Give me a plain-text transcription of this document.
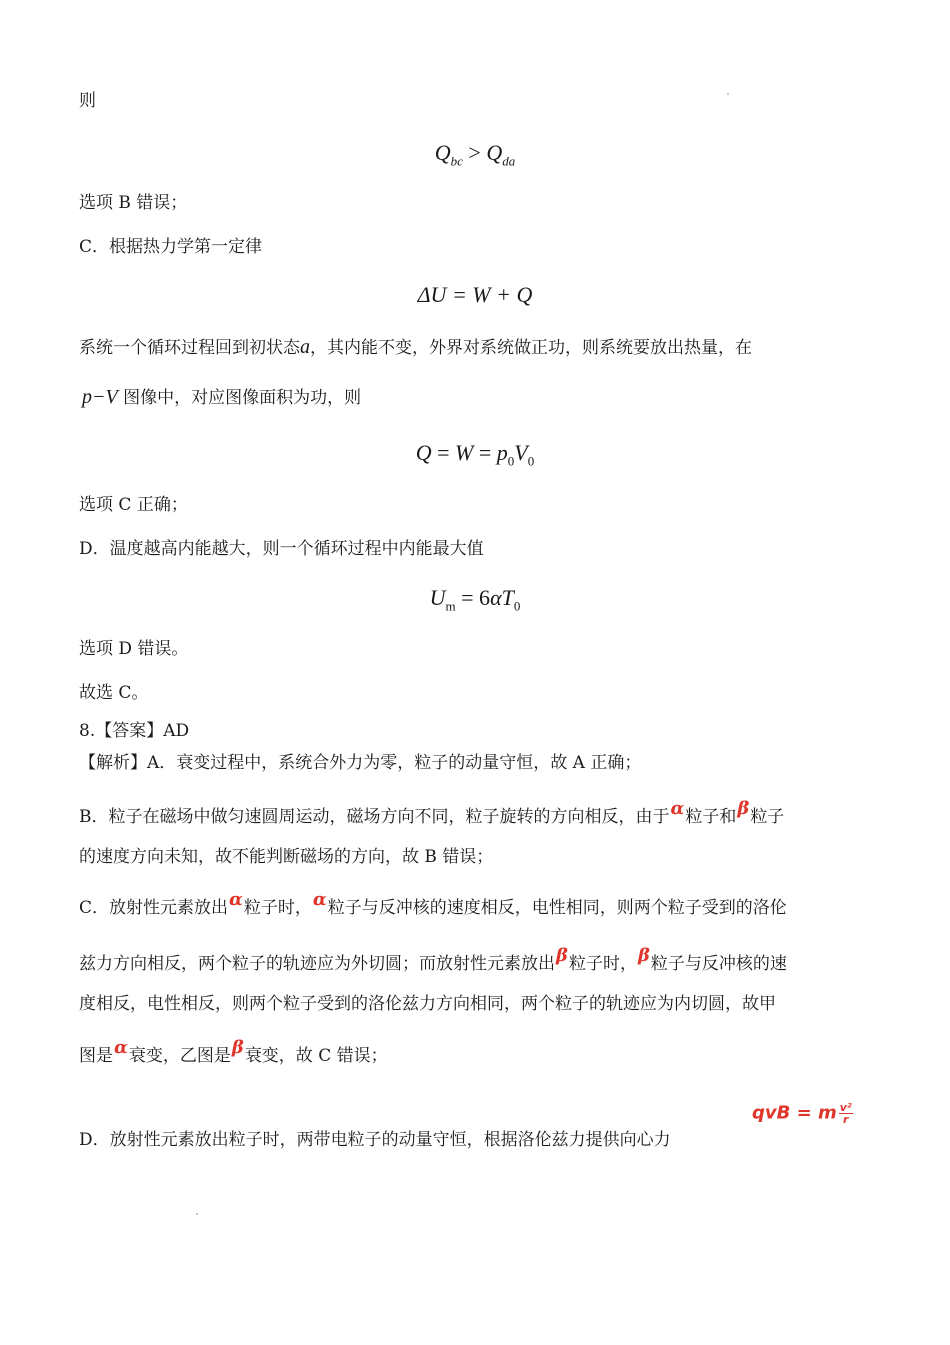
则
$Q_{bc} > Q_{da}$
选项 B 错误；
C．根据热力学第一定律
ΔU = W + Q
系统一个循环过程回到初状态a，其内能不变，外界对系统做正功，则系统要放出热量，在
p−V 图像中，对应图像面积为功，则
$Q = W = p_0V_0$
选项 C 正确；
D．温度越高内能越大，则一个循环过程中内能最大值
$U_m = 6\alpha T_0$
选项 D 错误。
故选 C。
8.【答案】AD
【解析】A．衰变过程中，系统合外力为零，粒子的动量守恒，故 A 正确；
B．粒子在磁场中做匀速圆周运动，磁场方向不同，粒子旋转的方向相反，由于α粒子和β粒子
的速度方向未知，故不能判断磁场的方向，故 B 错误；
C．放射性元素放出α粒子时，α粒子与反冲核的速度相反，电性相同，则两个粒子受到的洛伦
兹力方向相反，两个粒子的轨迹应为外切圆；而放射性元素放出β粒子时，β粒子与反冲核的速
度相反，电性相反，则两个粒子受到的洛伦兹力方向相同，两个粒子的轨迹应为内切圆，故甲
图是α衰变，乙图是β衰变，故 C 错误；
D．放射性元素放出粒子时，两带电粒子的动量守恒，根据洛伦兹力提供向心力
qvB = m $\frac{\text{v²}}{r}$
